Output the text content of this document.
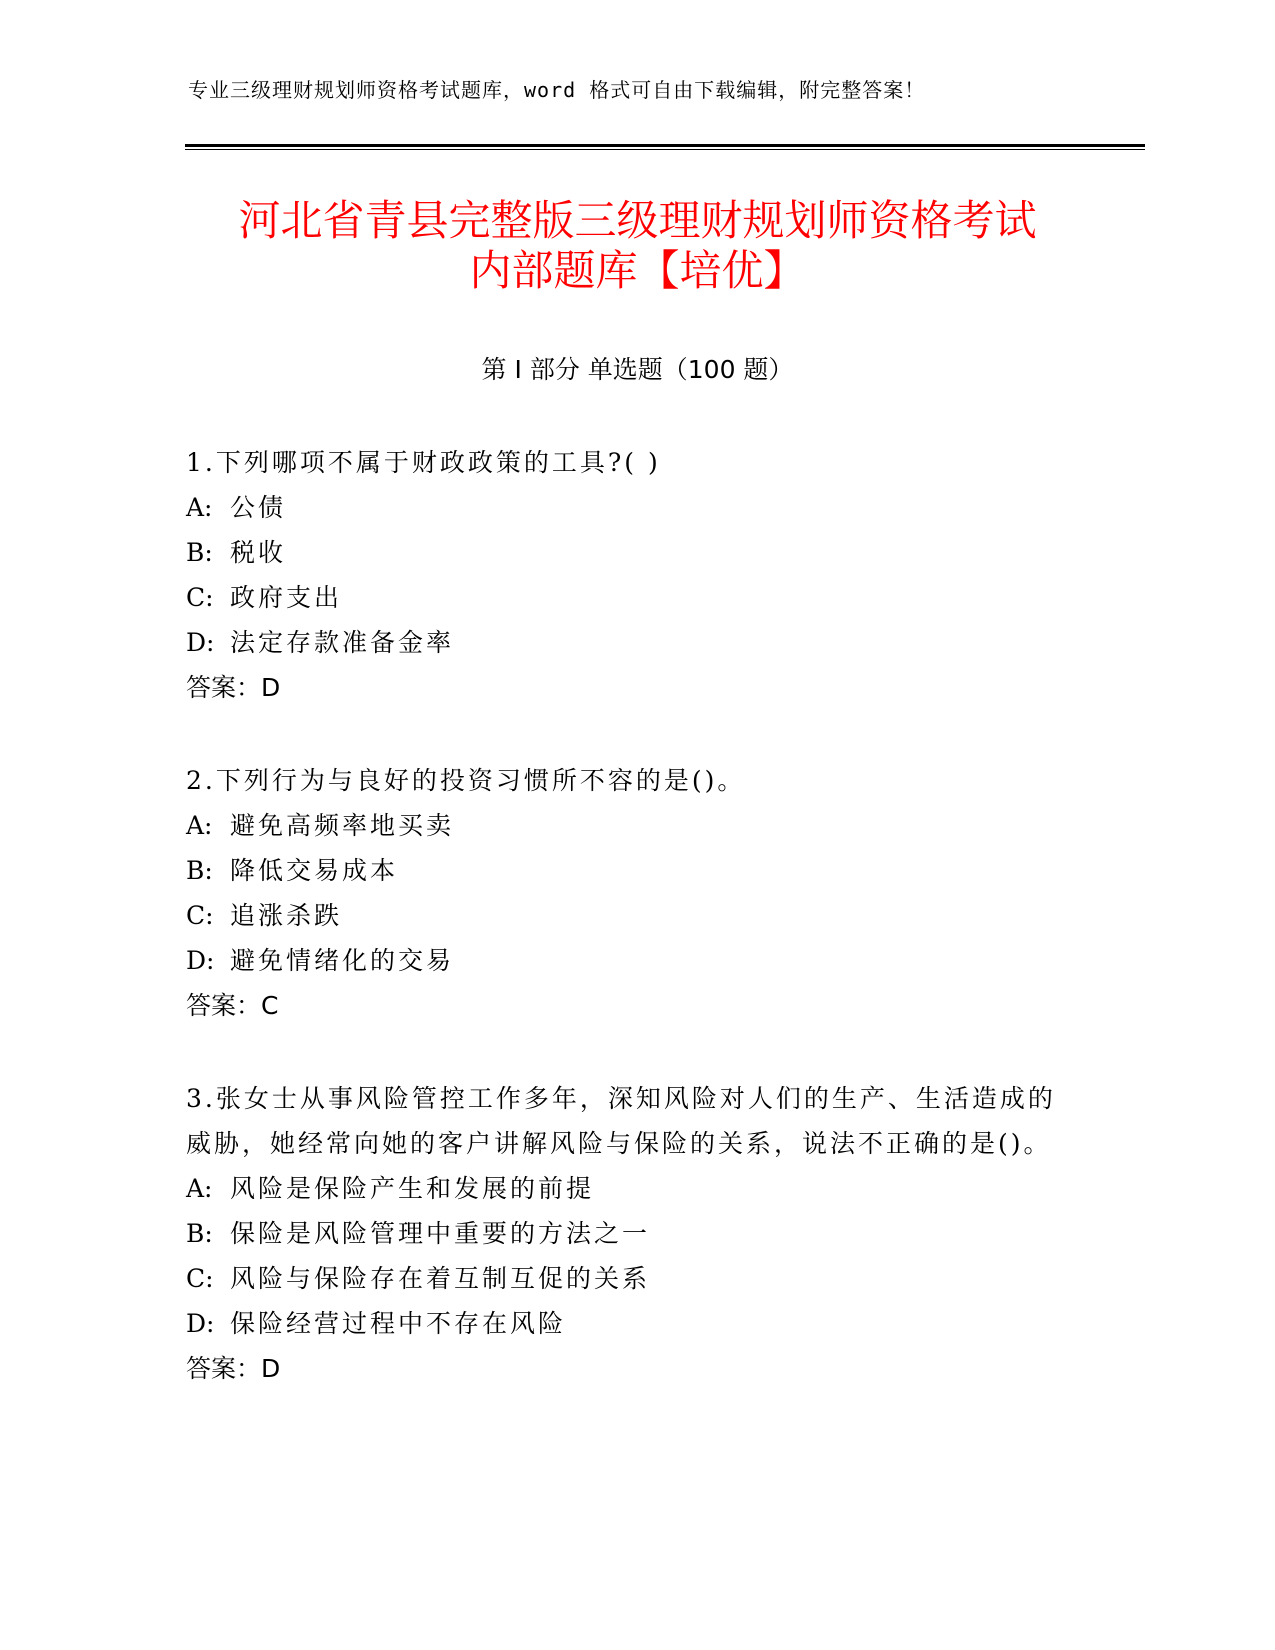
专业三级理财规划师资格考试题库，word 格式可自由下载编辑，附完整答案！
河北省青县完整版三级理财规划师资格考试
内部题库【培优】
第 I 部分 单选题（100 题）
1.下列哪项不属于财政政策的工具?( )
A: 公债
B: 税收
C: 政府支出
D: 法定存款准备金率
答案：D
2.下列行为与良好的投资习惯所不容的是()。
A: 避免高频率地买卖
B: 降低交易成本
C: 追涨杀跌
D: 避免情绪化的交易
答案：C
3.张女士从事风险管控工作多年，深知风险对人们的生产、生活造成的威胁，她经常向她的客户讲解风险与保险的关系，说法不正确的是()。
A: 风险是保险产生和发展的前提
B: 保险是风险管理中重要的方法之一
C: 风险与保险存在着互制互促的关系
D: 保险经营过程中不存在风险
答案：D
